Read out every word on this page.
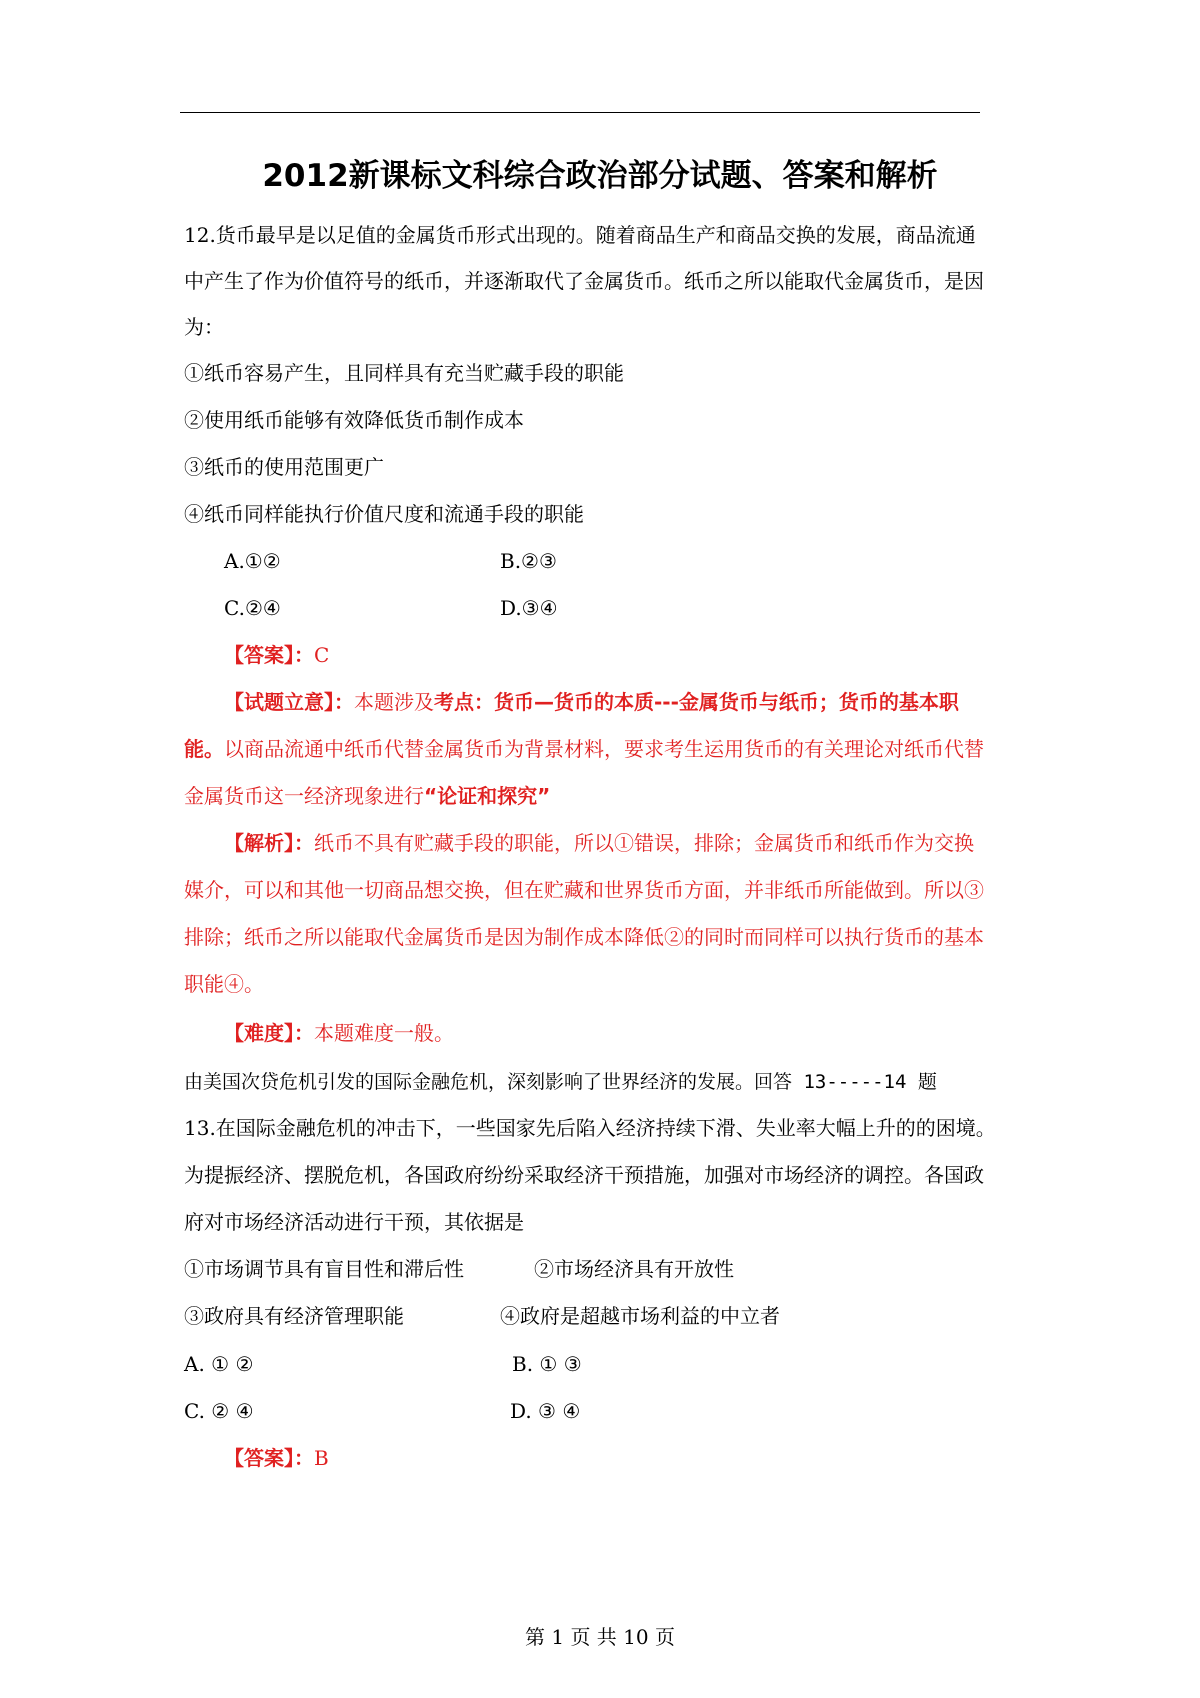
2012新课标文科综合政治部分试题、答案和解析
12.货币最早是以足值的金属货币形式出现的。随着商品生产和商品交换的发展，商品流通
中产生了作为价值符号的纸币，并逐渐取代了金属货币。纸币之所以能取代金属货币，是因
为：
①纸币容易产生，且同样具有充当贮藏手段的职能
②使用纸币能够有效降低货币制作成本
③纸币的使用范围更广
④纸币同样能执行价值尺度和流通手段的职能
A.①②	B.②③
C.②④	D.③④
【答案】：C
【试题立意】：本题涉及考点：货币—货币的本质---金属货币与纸币；货币的基本职
能。以商品流通中纸币代替金属货币为背景材料，要求考生运用货币的有关理论对纸币代替
金属货币这一经济现象进行“论证和探究”
【解析】：纸币不具有贮藏手段的职能，所以①错误，排除；金属货币和纸币作为交换
媒介，可以和其他一切商品想交换，但在贮藏和世界货币方面，并非纸币所能做到。所以③
排除；纸币之所以能取代金属货币是因为制作成本降低②的同时而同样可以执行货币的基本
职能④。
【难度】：本题难度一般。
由美国次贷危机引发的国际金融危机，深刻影响了世界经济的发展。回答 13-----14 题
13.在国际金融危机的冲击下，一些国家先后陷入经济持续下滑、失业率大幅上升的的困境。
为提振经济、摆脱危机，各国政府纷纷采取经济干预措施，加强对市场经济的调控。各国政
府对市场经济活动进行干预，其依据是
①市场调节具有盲目性和滞后性	②市场经济具有开放性
③政府具有经济管理职能	④政府是超越市场利益的中立者
A. ① ②	B. ① ③
C. ② ④	D. ③ ④
【答案】：B
第 1 页 共 10 页
